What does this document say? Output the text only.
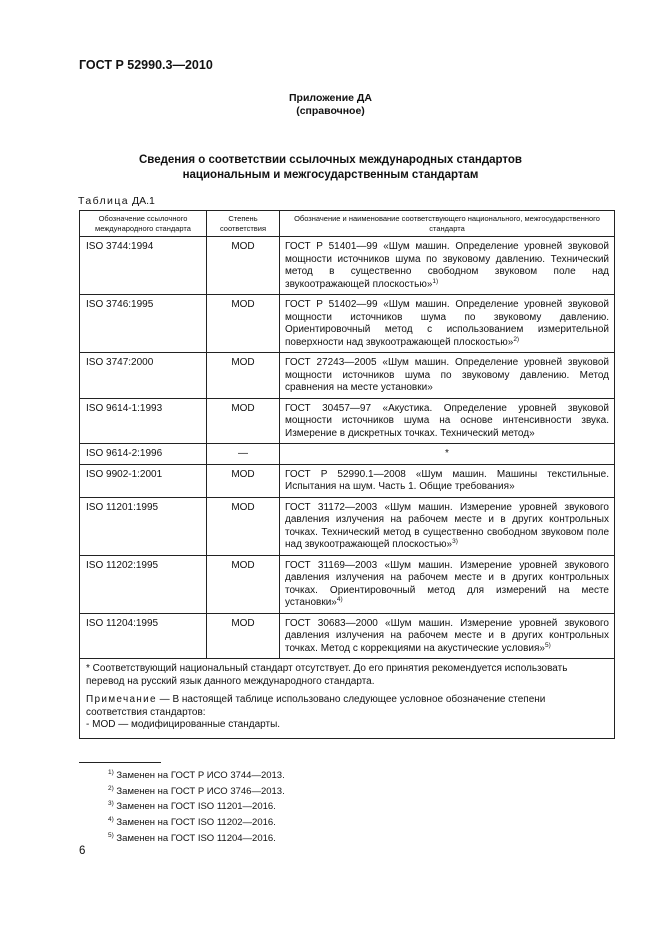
ГОСТ Р 52990.3—2010
Приложение ДА
(справочное)
Сведения о соответствии ссылочных международных стандартов
национальным и межгосударственным стандартам
Таблица ДА.1
Обозначение ссылочного международного стандарта	Степень соответствия	Обозначение и наименование соответствующего национального, межгосударственного стандарта
ISO 3744:1994	MOD	ГОСТ Р 51401—99 «Шум машин. Определение уровней звуковой мощности источников шума по звуковому давлению. Технический метод в существенно свободном звуковом поле над звукоотражающей плоскостью»$^{1)}$
ISO 3746:1995	MOD	ГОСТ Р 51402—99 «Шум машин. Определение уровней звуковой мощности источников шума по звуковому давлению. Ориентировочный метод с использованием измерительной поверхности над звукоотражающей плоскостью»$^{2)}$
ISO 3747:2000	MOD	ГОСТ 27243—2005 «Шум машин. Определение уровней звуковой мощности источников шума по звуковому давлению. Метод сравнения на месте установки»
ISO 9614-1:1993	MOD	ГОСТ 30457—97 «Акустика. Определение уровней звуковой мощности источников шума на основе интенсивности звука. Измерение в дискретных точках. Технический метод»
ISO 9614-2:1996	—	*
ISO 9902-1:2001	MOD	ГОСТ Р 52990.1—2008 «Шум машин. Машины текстильные. Испытания на шум. Часть 1. Общие требования»
ISO 11201:1995	MOD	ГОСТ 31172—2003 «Шум машин. Измерение уровней звукового давления излучения на рабочем месте и в других контрольных точках. Технический метод в существенно свободном звуковом поле над звукоотражающей плоскостью»$^{3)}$
ISO 11202:1995	MOD	ГОСТ 31169—2003 «Шум машин. Измерение уровней звукового давления излучения на рабочем месте и в других контрольных точках. Ориентировочный метод для измерений на месте установки»$^{4)}$
ISO 11204:1995	MOD	ГОСТ 30683—2000 «Шум машин. Измерение уровней звукового давления излучения на рабочем месте и в других контрольных точках. Метод с коррекциями на акустические условия»$^{5)}$

* Соответствующий национальный стандарт отсутствует. До его принятия рекомендуется использовать перевод на русский язык данного международного стандарта.

Примечание — В настоящей таблице использовано следующее условное обозначение степени соответствия стандартов:
- MOD — модифицированные стандарты.		

$^{1)}$ Заменен на ГОСТ Р ИСО 3744—2013.
$^{2)}$ Заменен на ГОСТ Р ИСО 3746—2013.
$^{3)}$ Заменен на ГОСТ ISO 11201—2016.
$^{4)}$ Заменен на ГОСТ ISO 11202—2016.
$^{5)}$ Заменен на ГОСТ ISO 11204—2016.
6
